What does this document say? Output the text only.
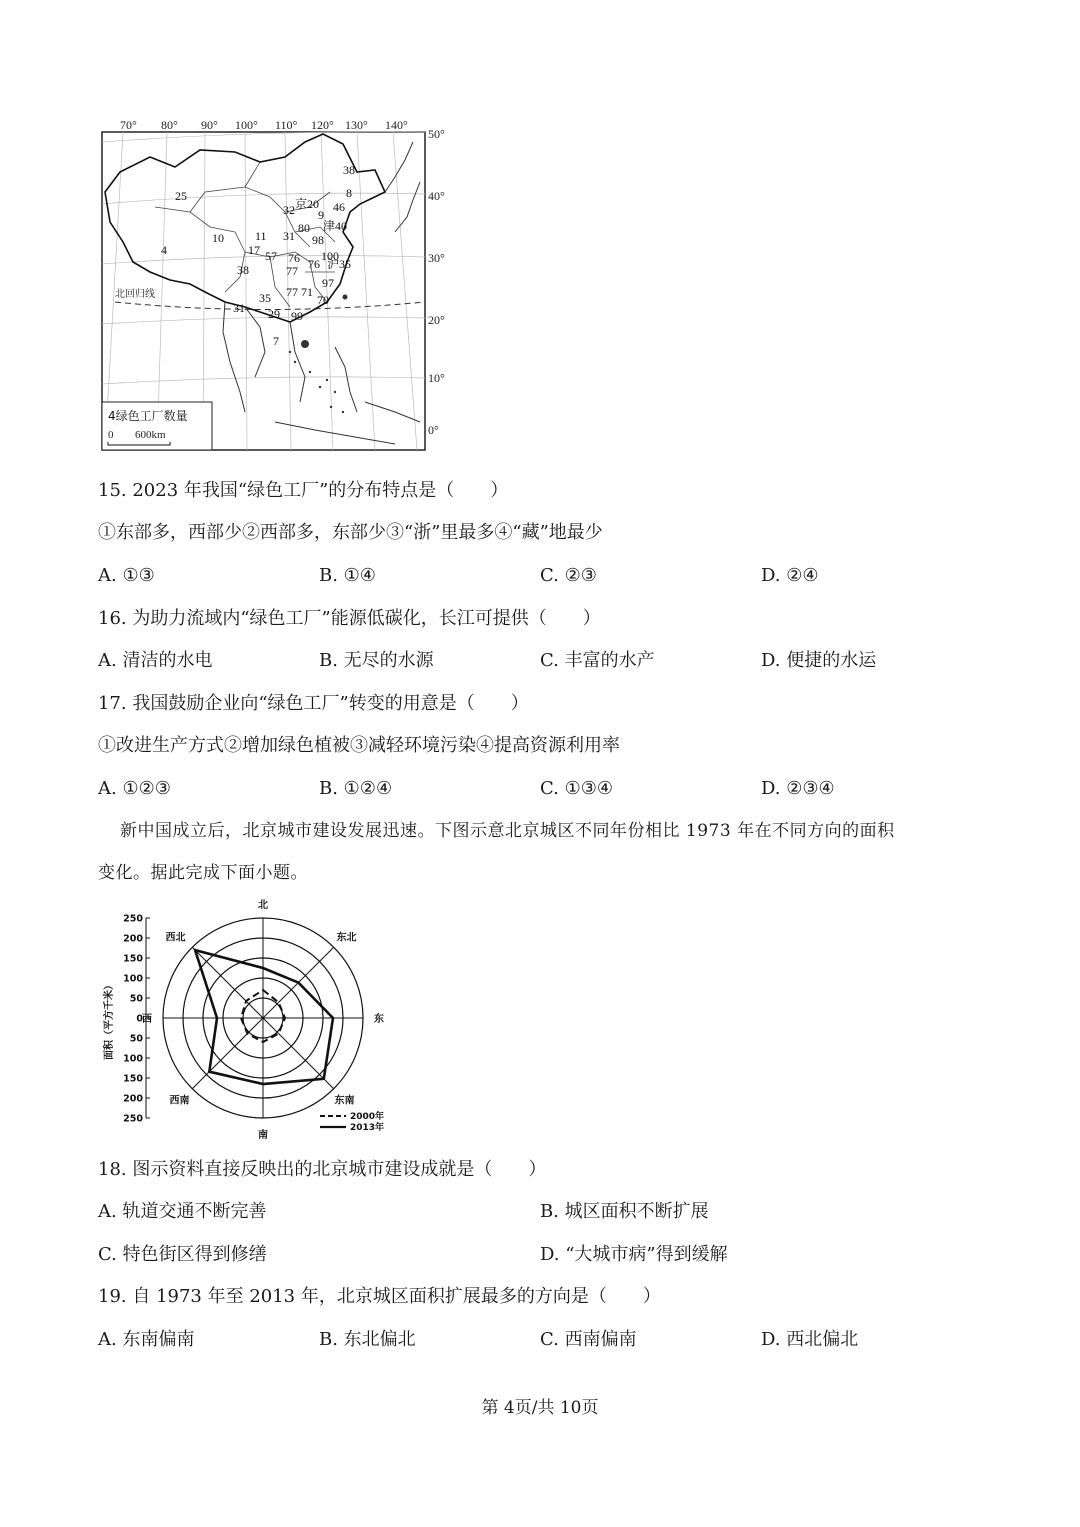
70° 80° 90° 100° 110° 120° 130° 140°
50°
40°
30°
20°
10°
0°
北回归线
38
8
25
32 京20 46
9
津40
4
10	11 31
80
98
17 57 76 76
100
沪35
38	77
97
35 77 71
70
31 29 99
7
4绿色工厂数量
0 600km
15. 2023 年我国“绿色工厂”的分布特点是（　　）
①东部多，西部少②西部多，东部少③“浙”里最多④“藏”地最少
A. ①③	B. ①④	C. ②③	D. ②④
16. 为助力流域内“绿色工厂”能源低碳化，长江可提供（　　）
A. 清洁的水电	B. 无尽的水源	C. 丰富的水产	D. 便捷的水运
17. 我国鼓励企业向“绿色工厂”转变的用意是（　　）
①改进生产方式②增加绿色植被③减轻环境污染④提高资源利用率
A. ①②③	B. ①②④	C. ①③④	D. ②③④
新中国成立后，北京城市建设发展迅速。下图示意北京城区不同年份相比 1973 年在不同方向的面积
变化。据此完成下面小题。
面积（平方千米）
250
200
150
100
50
0
50
100
150
200
250
北
东北
东
东南
南
西南
西
西北
2000年
2013年
18. 图示资料直接反映出的北京城市建设成就是（　　）
A. 轨道交通不断完善	B. 城区面积不断扩展
C. 特色街区得到修缮	D. “大城市病”得到缓解
19. 自 1973 年至 2013 年，北京城区面积扩展最多的方向是（　　）
A. 东南偏南	B. 东北偏北	C. 西南偏南	D. 西北偏北
第 4页/共 10页
